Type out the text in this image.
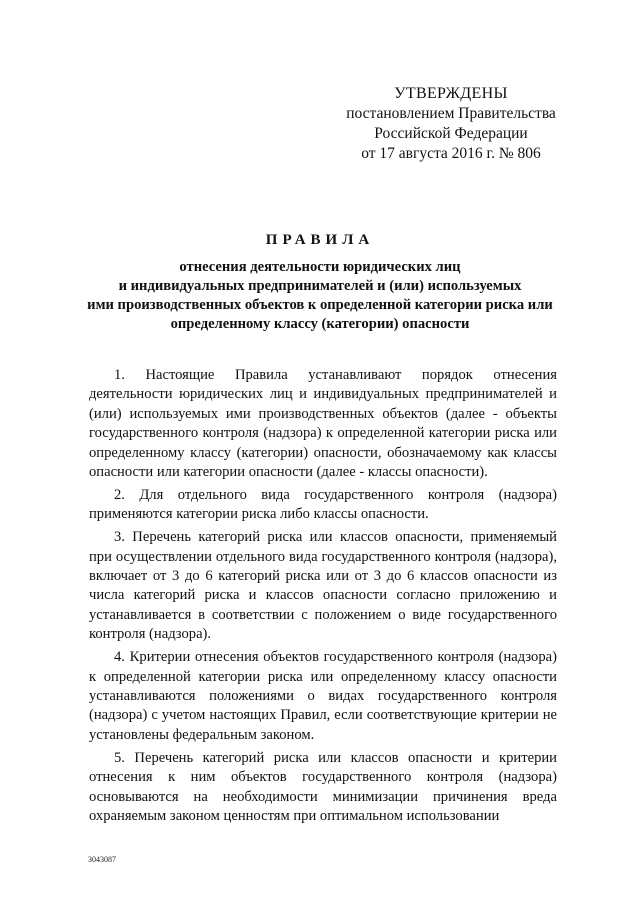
УТВЕРЖДЕНЫ
постановлением Правительства
Российской Федерации
от 17 августа 2016 г. № 806
ПРАВИЛА
отнесения деятельности юридических лиц
и индивидуальных предпринимателей и (или) используемых
ими производственных объектов к определенной категории риска или
определенному классу (категории) опасности

1. Настоящие Правила устанавливают порядок отнесения деятельности юридических лиц и индивидуальных предпринимателей и (или) используемых ими производственных объектов (далее - объекты государственного контроля (надзора) к определенной категории риска или определенному классу (категории) опасности, обозначаемому как классы опасности или категории опасности (далее - классы опасности).

2. Для отдельного вида государственного контроля (надзора) применяются категории риска либо классы опасности.

3. Перечень категорий риска или классов опасности, применяемый при осуществлении отдельного вида государственного контроля (надзора), включает от 3 до 6 категорий риска или от 3 до 6 классов опасности из числа категорий риска и классов опасности согласно приложению и устанавливается в соответствии с положением о виде государственного контроля (надзора).

4. Критерии отнесения объектов государственного контроля (надзора) к определенной категории риска или определенному классу опасности устанавливаются положениями о видах государственного контроля (надзора) с учетом настоящих Правил, если соответствующие критерии не установлены федеральным законом.

5. Перечень категорий риска или классов опасности и критерии отнесения к ним объектов государственного контроля (надзора) основываются на необходимости минимизации причинения вреда охраняемым законом ценностям при оптимальном использовании

3043087
